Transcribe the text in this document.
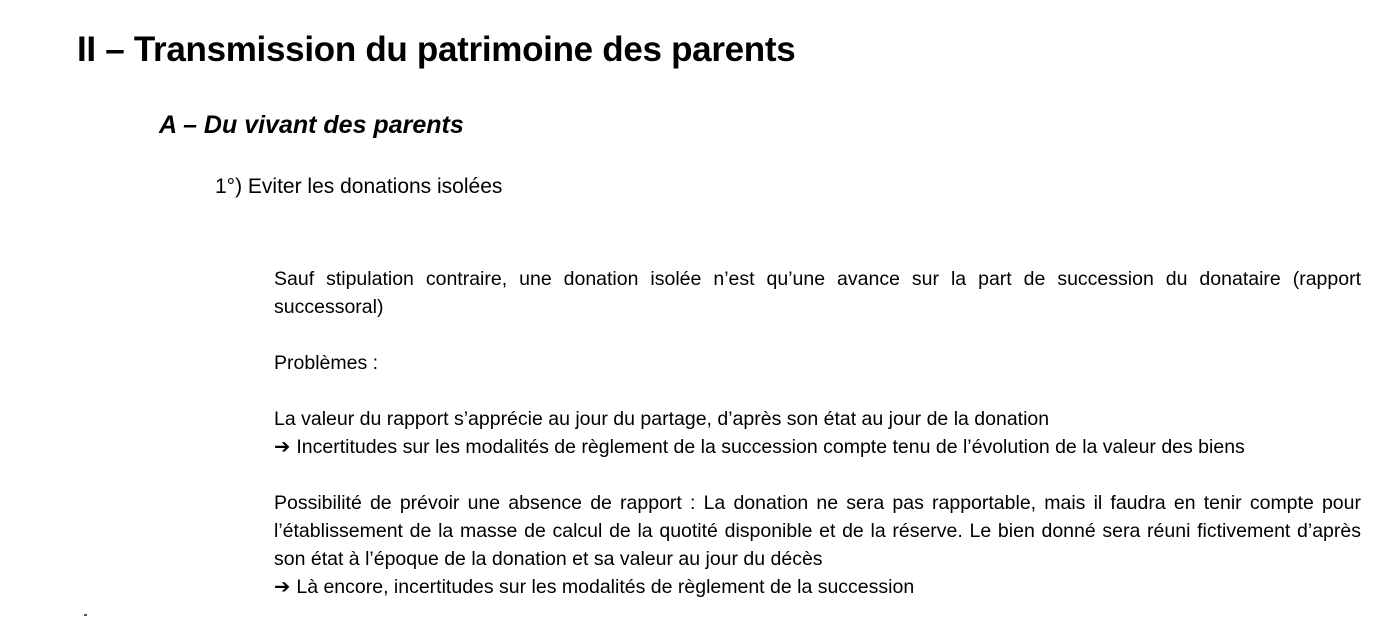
II – Transmission du patrimoine des parents
A – Du vivant des parents
1°) Eviter les donations isolées

Sauf stipulation contraire, une donation isolée n’est qu’une avance sur la part de succession du donataire (rapport successoral)

Problèmes :

La valeur du rapport s’apprécie au jour du partage, d’après son état au jour de la donation
➔ Incertitudes sur les modalités de règlement de la succession compte tenu de l’évolution de la valeur des biens

Possibilité de prévoir une absence de rapport : La donation ne sera pas rapportable, mais il faudra en tenir compte pour l’établissement de la masse de calcul de la quotité disponible et de la réserve. Le bien donné sera réuni fictivement d’après son état à l’époque de la donation et sa valeur au jour du décès

➔ Là encore, incertitudes sur les modalités de règlement de la succession
